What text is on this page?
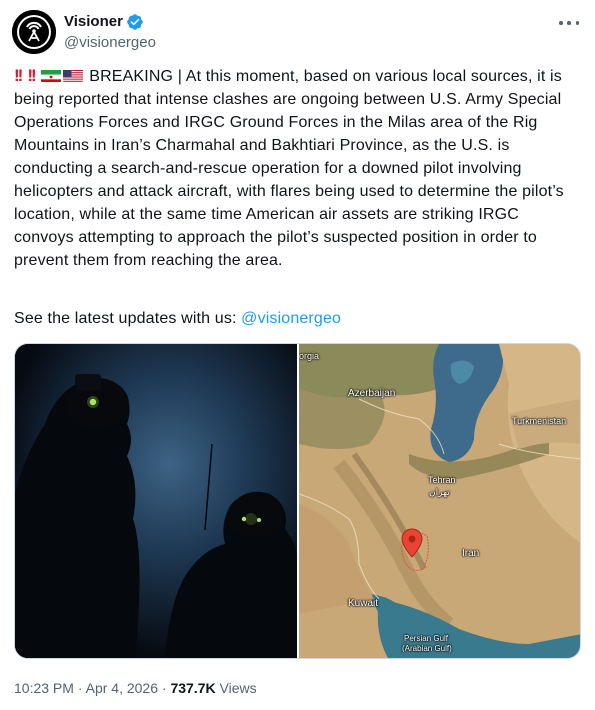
Visioner
@visionergeo

!! !!	BREAKING | At this moment, based on various local sources, it is being reported that intense clashes are ongoing between U.S. Army Special Operations Forces and IRGC Ground Forces in the Milas area of the Rig Mountains in Iran’s Charmahal and Bakhtiari Province, as the U.S. is conducting a search-and-rescue operation for a downed pilot involving helicopters and attack aircraft, with flares being used to determine the pilot’s location, while at the same time American air assets are striking IRGC convoys attempting to approach the pilot’s suspected position in order to prevent them from reaching the area.

See the latest updates with us: @visionergeo
orgia
Azerbaijan
Turkmenistan
Tehran
تهران
Iran
Kuwait
Persian Gulf
(Arabian Gulf)
10:23 PM · Apr 4, 2026 · 737.7K Views
